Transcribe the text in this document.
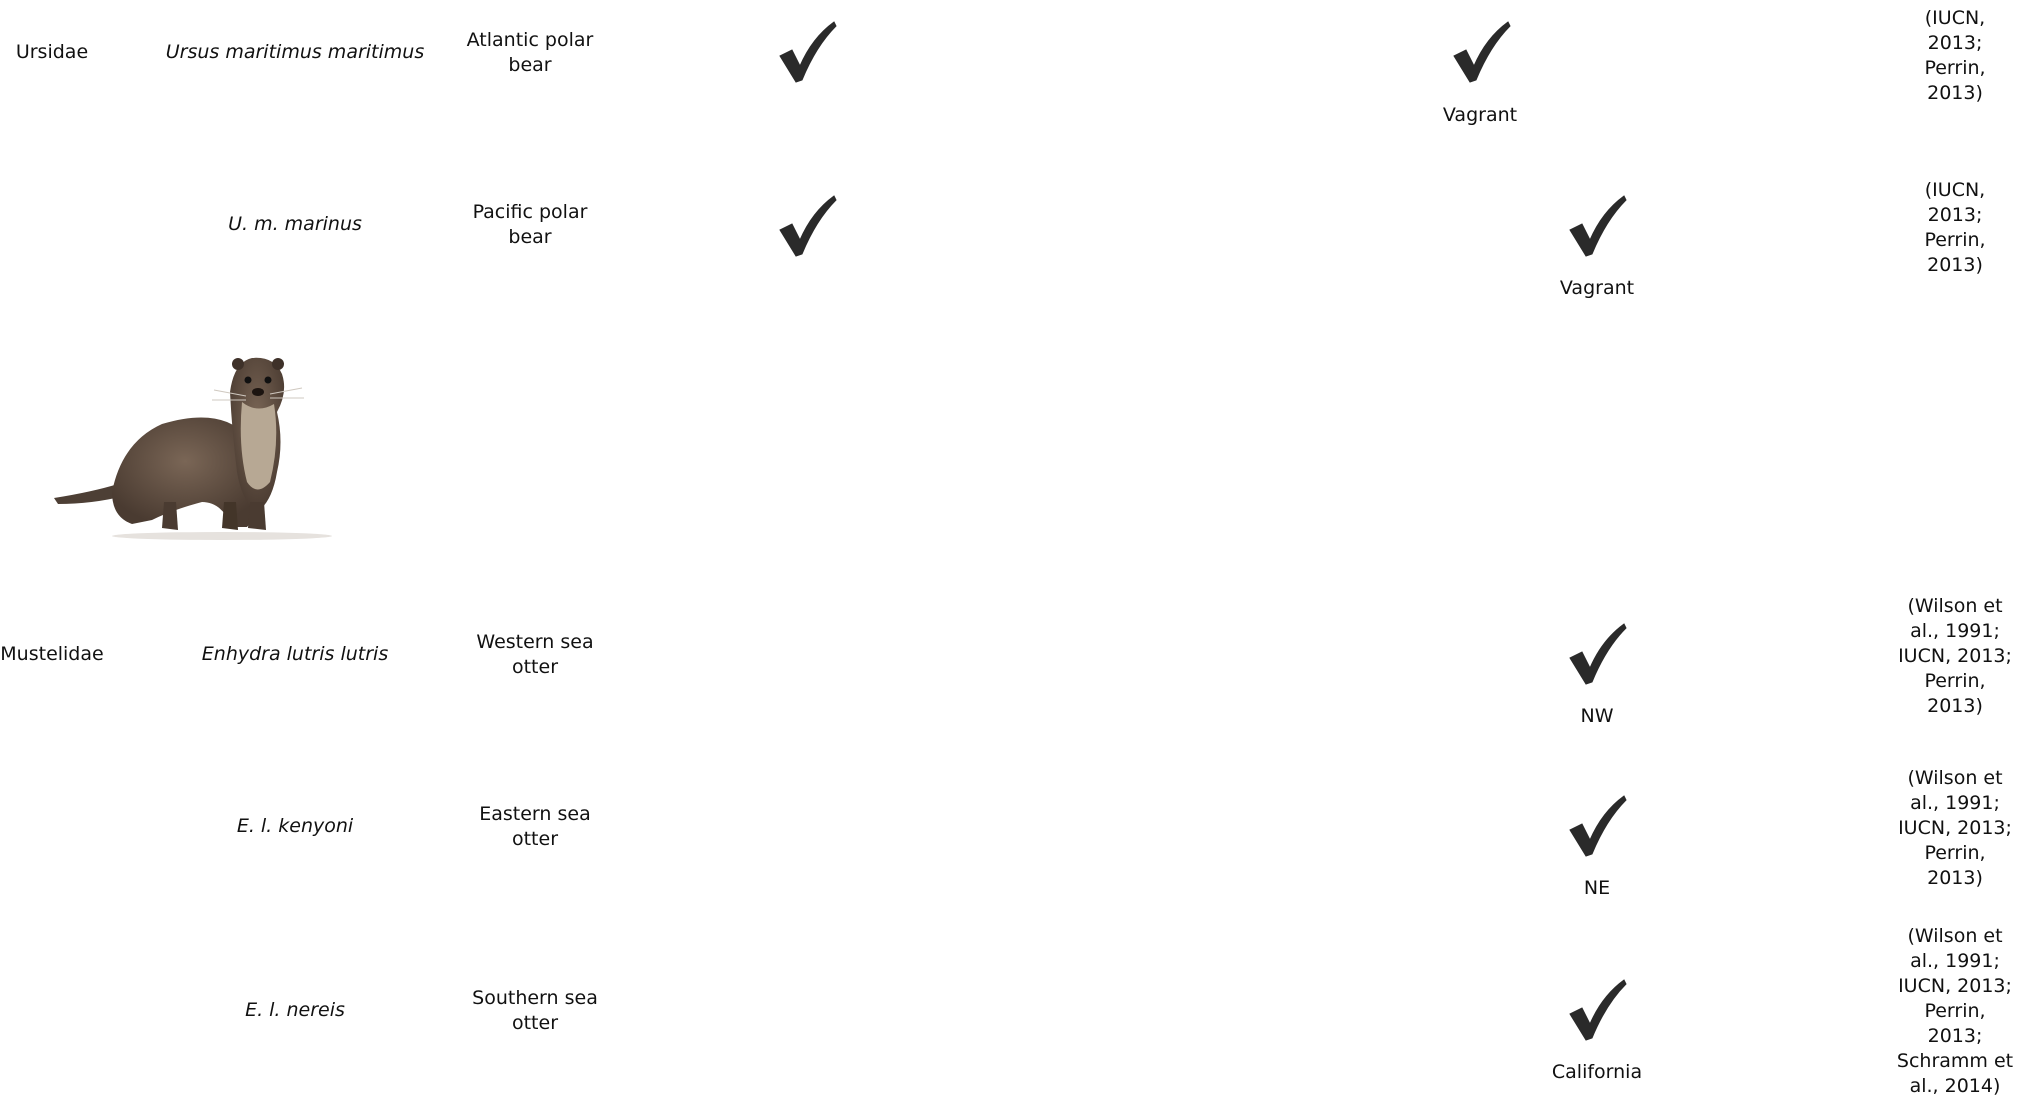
Ursidae	Ursus maritimus maritimus
Atlantic polar bear
Vagrant
(IUCN,
2013;
Perrin,
2013)
U. m. marinus
Pacific polar bear
Vagrant
(IUCN,
2013;
Perrin,
2013)
Mustelidae	Enhydra lutris lutris
Western sea otter
NW
(Wilson et
al., 1991;
IUCN, 2013;
Perrin,
2013)
E. l. kenyoni
Eastern sea otter
NE
(Wilson et
al., 1991;
IUCN, 2013;
Perrin,
2013)
E. l. nereis
Southern sea otter
California
(Wilson et
al., 1991;
IUCN, 2013;
Perrin,
2013;
Schramm et
al., 2014)
